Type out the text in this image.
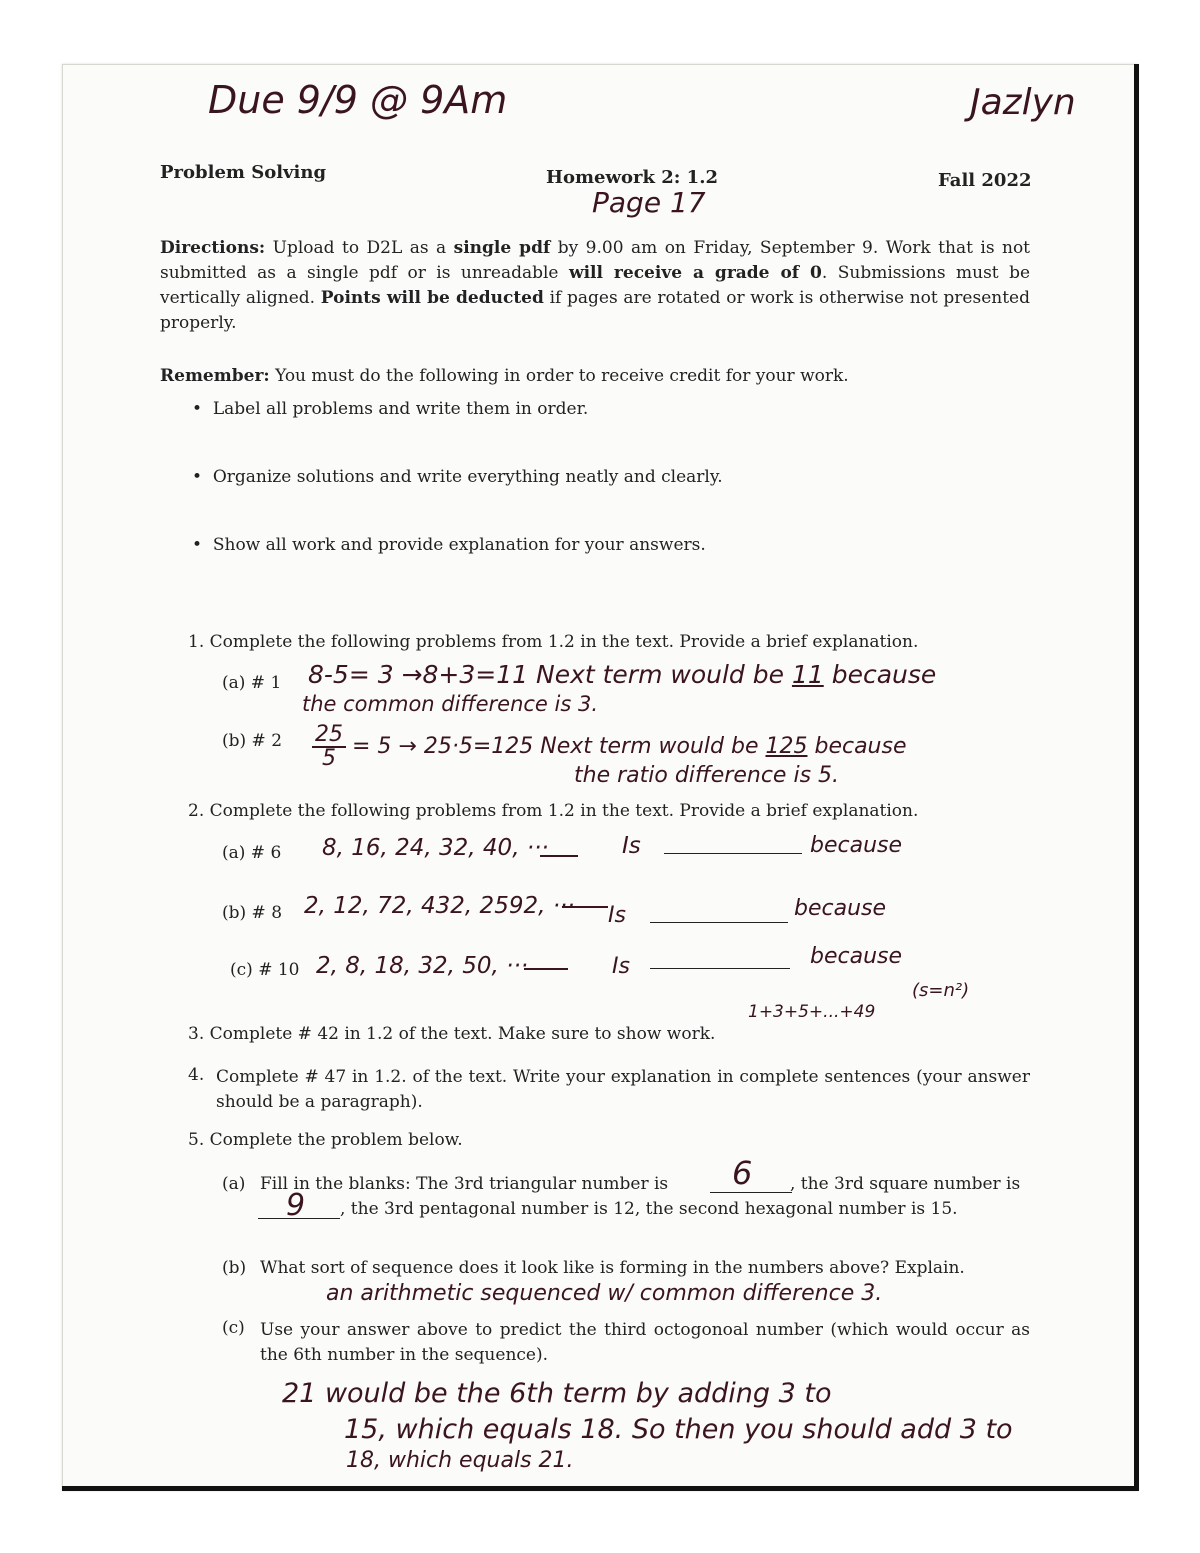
Due 9/9 @ 9Am	Jazlyn
Page 17
Problem Solving	Homework 2: 1.2	Fall 2022
Directions: Upload to D2L as a single pdf by 9.00 am on Friday, September 9. Work that is not submitted as a single pdf or is unreadable will receive a grade of 0. Submissions must be vertically aligned. Points will be deducted if pages are rotated or work is otherwise not presented properly.
Remember: You must do the following in order to receive credit for your work.
•  Label all problems and write them in order.
•  Organize solutions and write everything neatly and clearly.
•  Show all work and provide explanation for your answers.
1. Complete the following problems from 1.2 in the text. Provide a brief explanation.
(a) # 1 8-5= 3 →8+3=11 Next term would be 11 because
the common difference is 3.
(b) # $2 \frac{25}{5} = 5 \to 25\cdot 5=125$ Next term would be 125 because
the ratio difference is 5.
2. Complete the following problems from 1.2 in the text. Provide a brief explanation.
(a) # 6 8, 16, 24, 32, 40, ···	Is	because
(b) # 8 2, 12, 72, 432, 2592, ··· Is	because
(c) # 10 2, 8, 18, 32, 50, ···	Is	because
(s=n²)
1+3+5+...+49
3. Complete # 42 in 1.2 of the text. Make sure to show work.
4. Complete # 47 in 1.2. of the text. Write your explanation in complete sentences (your answer should be a paragraph).
5. Complete the problem below.
(a) Fill in the blanks: The 3rd triangular number is 6 , the 3rd square number is
9 , the 3rd pentagonal number is 12, the second hexagonal number is 15.
(b) What sort of sequence does it look like is forming in the numbers above? Explain.
an arithmetic sequenced w/ common difference 3.
(c) Use your answer above to predict the third octogonoal number (which would occur as the 6th number in the sequence).
21 would be the 6th term by adding 3 to
15, which equals 18. So then you should add 3 to
18, which equals 21.
